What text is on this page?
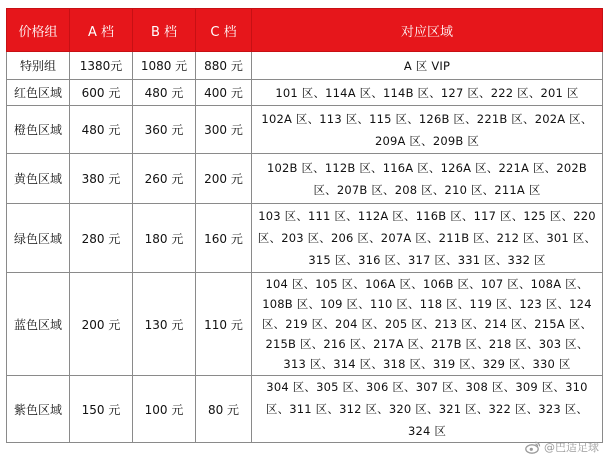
价格组	A 档	B 档	C 档	对应区域
特别组	1380元	1080 元	880 元	A 区 VIP

红色区域	600 元	480 元	400 元	101 区、114A 区、114B 区、127 区、222 区、201 区

橙色区域	480 元	360 元	300 元	102A 区、113 区、115 区、126B 区、221B 区、202A 区、
209A 区、209B 区

黄色区域	380 元	260 元	200 元	102B 区、112B 区、116A 区、126A 区、221A 区、202B
区、207B 区、208 区、210 区、211A 区

绿色区域	280 元	180 元	160 元	103 区、111 区、112A 区、116B 区、117 区、125 区、220
区、203 区、206 区、207A 区、211B 区、212 区、301 区、
315 区、316 区、317 区、331 区、332 区

蓝色区域	200 元	130 元	110 元	104 区、105 区、106A 区、106B 区、107 区、108A 区、
108B 区、109 区、110 区、118 区、119 区、123 区、124
区、219 区、204 区、205 区、213 区、214 区、215A 区、
215B 区、216 区、217A 区、217B 区、218 区、303 区、
313 区、314 区、318 区、319 区、329 区、330 区

紫色区域	150 元	100 元	80 元	304 区、305 区、306 区、307 区、308 区、309 区、310
区、311 区、312 区、320 区、321 区、322 区、323 区、
324 区
@巴适足球
